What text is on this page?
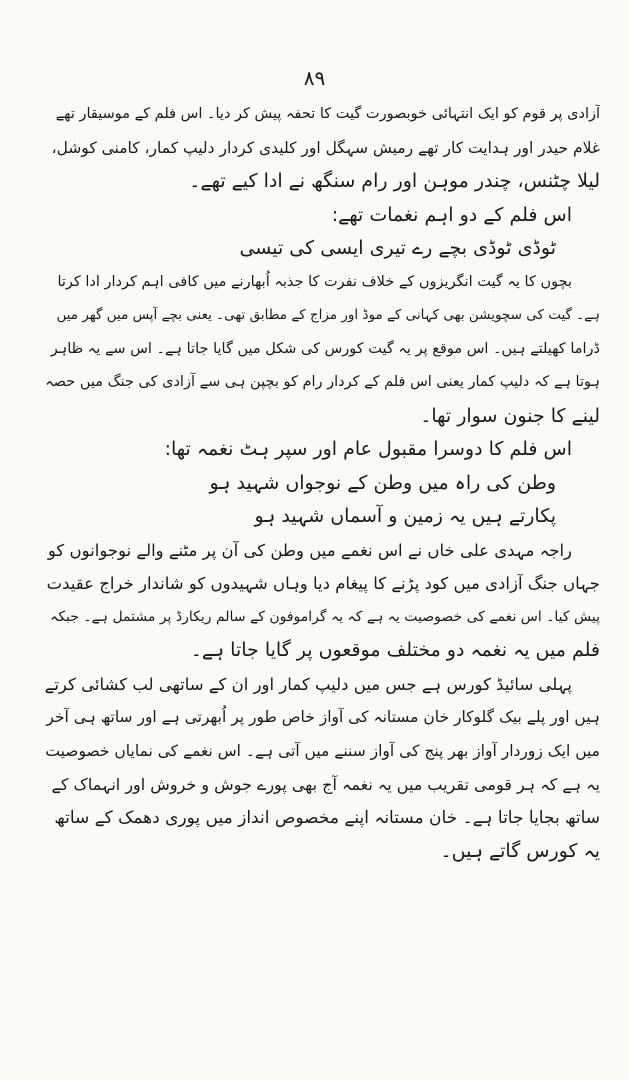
٨٩
آزادی پر قوم کو ایک انتہائی خوبصورت گیت کا تحفہ پیش کر دیا۔ اس فلم کے موسیقار تھے
غلام حیدر اور ہدایت کار تھے رمیش سہگل اور کلیدی کردار دلیپ کمار، کامنی کوشل،
لیلا چٹنس، چندر موہن اور رام سنگھ نے ادا کیے تھے۔
اس فلم کے دو اہم نغمات تھے:
ٹوڈی ٹوڈی بچے رے تیری ایسی کی تیسی
بچوں کا یہ گیت انگریزوں کے خلاف نفرت کا جذبہ اُبھارنے میں کافی اہم کردار ادا کرتا
ہے۔ گیت کی سچویشن بھی کہانی کے موڈ اور مزاج کے مطابق تھی۔ یعنی بچے آپس میں گھر میں
ڈراما کھیلتے ہیں۔ اس موقع پر یہ گیت کورس کی شکل میں گایا جاتا ہے۔ اس سے یہ ظاہر
ہوتا ہے کہ دلیپ کمار یعنی اس فلم کے کردار رام کو بچپن ہی سے آزادی کی جنگ میں حصہ
لینے کا جنون سوار تھا۔
اس فلم کا دوسرا مقبول عام اور سپر ہٹ نغمہ تھا:
وطن کی راہ میں وطن کے نوجواں شہید ہو
پکارتے ہیں یہ زمین و آسماں شہید ہو
راجہ مہدی علی خاں نے اس نغمے میں وطن کی آن پر مٹنے والے نوجوانوں کو
جہاں جنگ آزادی میں کود پڑنے کا پیغام دیا وہاں شہیدوں کو شاندار خراج عقیدت
پیش کیا۔ اس نغمے کی خصوصیت یہ ہے کہ یہ گراموفون کے سالم ریکارڈ پر مشتمل ہے۔ جبکہ
فلم میں یہ نغمہ دو مختلف موقعوں پر گایا جاتا ہے۔
پہلی سائیڈ کورس ہے جس میں دلیپ کمار اور ان کے ساتھی لب کشائی کرتے
ہیں اور پلے بیک گلوکار خان مستانہ کی آواز خاص طور پر اُبھرتی ہے اور ساتھ ہی آخر
میں ایک زوردار آواز بھر پنج کی آواز سننے میں آتی ہے۔ اس نغمے کی نمایاں خصوصیت
یہ ہے کہ ہر قومی تقریب میں یہ نغمہ آج بھی پورے جوش و خروش اور انہماک کے
ساتھ بجایا جاتا ہے۔ خان مستانہ اپنے مخصوص انداز میں پوری دھمک کے ساتھ
یہ کورس گاتے ہیں۔
